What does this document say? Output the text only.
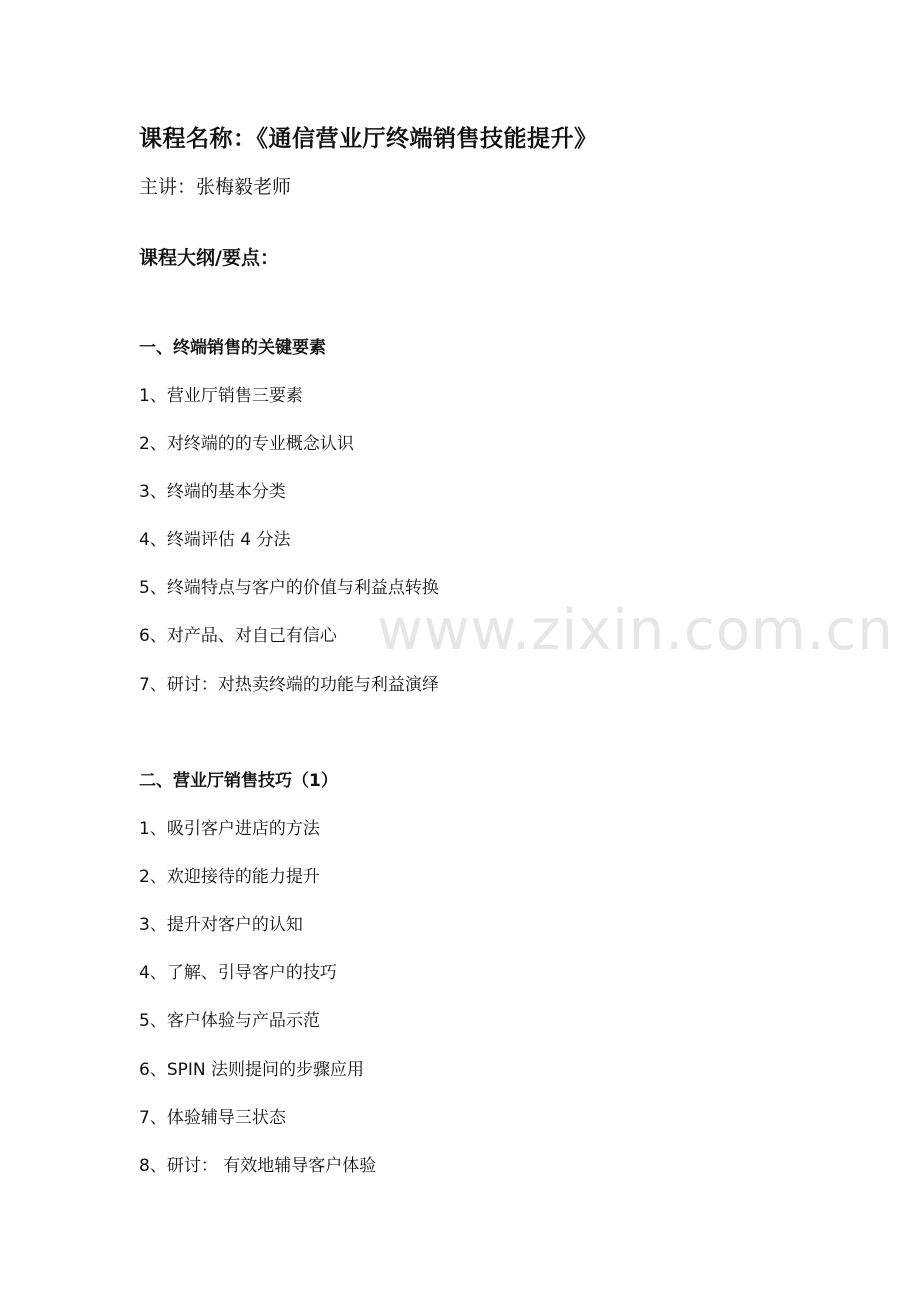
课程名称：《通信营业厅终端销售技能提升》
主讲：张梅毅老师
课程大纲/要点：
一、终端销售的关键要素
1、营业厅销售三要素
2、对终端的的专业概念认识
3、终端的基本分类
4、终端评估 4 分法
5、终端特点与客户的价值与利益点转换
6、对产品、对自己有信心
7、研讨：对热卖终端的功能与利益演绎
二、营业厅销售技巧（1）
1、吸引客户进店的方法
2、欢迎接待的能力提升
3、提升对客户的认知
4、了解、引导客户的技巧
5、客户体验与产品示范
6、SPIN 法则提问的步骤应用
7、体验辅导三状态
8、研讨： 有效地辅导客户体验
www.zixin.com.cn
